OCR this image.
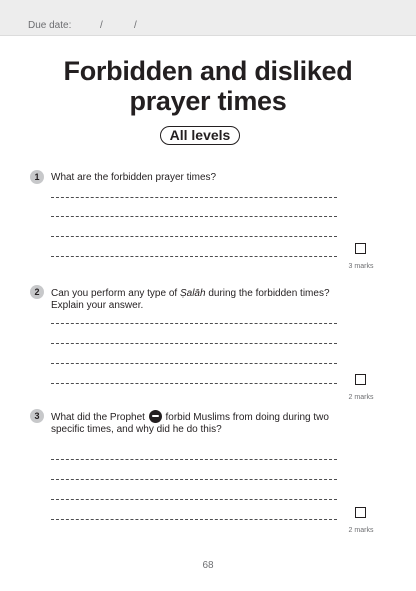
Due date:	/	/
Forbidden and disliked
prayer times
All levels
1	What are the forbidden prayer times?
3 marks
2	Can you perform any type of Ṣalāh during the forbidden times?
Explain your answer.
2 marks
3	What did the Prophet forbid Muslims from doing during two
specific times, and why did he do this?
2 marks
68
